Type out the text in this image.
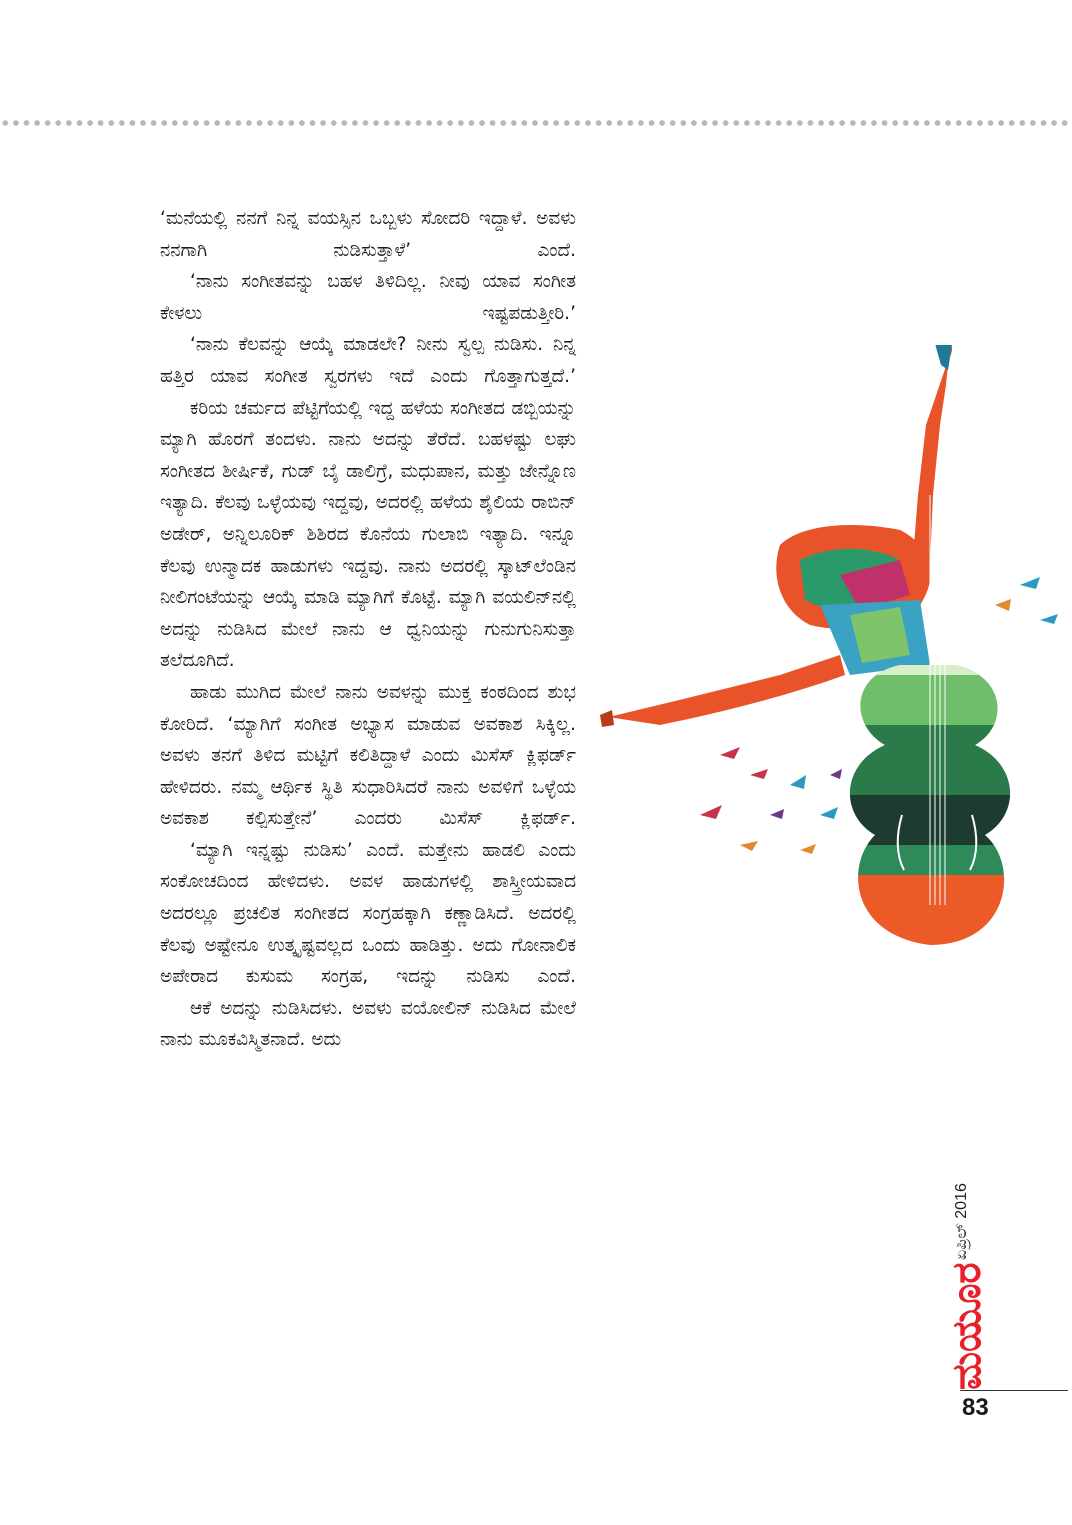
‘ಮನೆಯಲ್ಲಿ ನನಗೆ ನಿನ್ನ ವಯಸ್ಸಿನ ಒಬ್ಬಳು ಸೋದರಿ ಇದ್ದಾಳೆ. ಅವಳು ನನಗಾಗಿ ನುಡಿಸುತ್ತಾಳೆ’ ಎಂದೆ.

‘ನಾನು ಸಂಗೀತವನ್ನು ಬಹಳ ತಿಳಿದಿಲ್ಲ. ನೀವು ಯಾವ ಸಂಗೀತ ಕೇಳಲು ಇಷ್ಟಪಡುತ್ತೀರಿ.’

‘ನಾನು ಕೆಲವನ್ನು ಆಯ್ಕೆ ಮಾಡಲೇ? ನೀನು ಸ್ವಲ್ಪ ನುಡಿಸು. ನಿನ್ನ ಹತ್ತಿರ ಯಾವ ಸಂಗೀತ ಸ್ವರಗಳು ಇದೆ ಎಂದು ಗೊತ್ತಾಗುತ್ತದೆ.’

ಕರಿಯ ಚರ್ಮದ ಪೆಟ್ಟಿಗೆಯಲ್ಲಿ ಇದ್ದ ಹಳೆಯ ಸಂಗೀತದ ಡಬ್ಬಿಯನ್ನು ಮ್ಯಾಗಿ ಹೊರಗೆ ತಂದಳು. ನಾನು ಅದನ್ನು ತೆರೆದೆ. ಬಹಳಷ್ಟು ಲಘು ಸಂಗೀತದ ಶೀರ್ಷಿಕೆ, ಗುಡ್ ಬೈ ಡಾಲಿಗ್ರೆ, ಮಧುಪಾನ, ಮತ್ತು ಜೇನ್ನೊಣ ಇತ್ಯಾದಿ. ಕೆಲವು ಒಳ್ಳೆಯವು ಇದ್ದವು, ಅದರಲ್ಲಿ ಹಳೆಯ ಶೈಲಿಯ ರಾಬಿನ್ ಅಡೇರ್, ಅನ್ನಿಲೂರಿಕ್ ಶಿಶಿರದ ಕೊನೆಯ ಗುಲಾಬಿ ಇತ್ಯಾದಿ. ಇನ್ನೂ ಕೆಲವು ಉನ್ಮಾದಕ ಹಾಡುಗಳು ಇದ್ದವು. ನಾನು ಅದರಲ್ಲಿ ಸ್ಕಾಟ್‌ಲೆಂಡಿನ ನೀಲಿಗಂಟೆಯನ್ನು ಆಯ್ಕೆ ಮಾಡಿ ಮ್ಯಾಗಿಗೆ ಕೊಟ್ಟೆ. ಮ್ಯಾಗಿ ವಯಲಿನ್‌ನಲ್ಲಿ ಅದನ್ನು ನುಡಿಸಿದ ಮೇಲೆ ನಾನು ಆ ಧ್ವನಿಯನ್ನು ಗುನುಗುನಿಸುತ್ತಾ ತಲೆದೂಗಿದೆ.

ಹಾಡು ಮುಗಿದ ಮೇಲೆ ನಾನು ಅವಳನ್ನು ಮುಕ್ತ ಕಂಠದಿಂದ ಶುಭ ಕೋರಿದೆ. ‘ಮ್ಯಾಗಿಗೆ ಸಂಗೀತ ಅಭ್ಯಾಸ ಮಾಡುವ ಅವಕಾಶ ಸಿಕ್ಕಿಲ್ಲ. ಅವಳು ತನಗೆ ತಿಳಿದ ಮಟ್ಟಿಗೆ ಕಲಿತಿದ್ದಾಳೆ ಎಂದು ಮಿಸೆಸ್ ಕ್ಲಿಫರ್ಡ್ ಹೇಳಿದರು. ನಮ್ಮ ಆರ್ಥಿಕ ಸ್ಥಿತಿ ಸುಧಾರಿಸಿದರೆ ನಾನು ಅವಳಿಗೆ ಒಳ್ಳೆಯ ಅವಕಾಶ ಕಲ್ಪಿಸುತ್ತೇನೆ’ ಎಂದರು ಮಿಸೆಸ್ ಕ್ಲಿಫರ್ಡ್.

‘ಮ್ಯಾಗಿ ಇನ್ನಷ್ಟು ನುಡಿಸು’ ಎಂದೆ. ಮತ್ತೇನು ಹಾಡಲಿ ಎಂದು ಸಂಕೋಚದಿಂದ ಹೇಳಿದಳು. ಅವಳ ಹಾಡುಗಳಲ್ಲಿ ಶಾಸ್ತ್ರೀಯವಾದ ಅದರಲ್ಲೂ ಪ್ರಚಲಿತ ಸಂಗೀತದ ಸಂಗ್ರಹಕ್ಕಾಗಿ ಕಣ್ಣಾಡಿಸಿದೆ. ಅದರಲ್ಲಿ ಕೆಲವು ಅಷ್ಟೇನೂ ಉತ್ಕೃಷ್ಟವಲ್ಲದ ಒಂದು ಹಾಡಿತ್ತು. ಅದು ಗೋನಾಲಿಕ ಅಪೇರಾದ ಕುಸುಮ ಸಂಗ್ರಹ, ಇದನ್ನು ನುಡಿಸು ಎಂದೆ.

ಆಕೆ ಅದನ್ನು ನುಡಿಸಿದಳು. ಅವಳು ವಯೋಲಿನ್ ನುಡಿಸಿದ ಮೇಲೆ ನಾನು ಮೂಕವಿಸ್ಮಿತನಾದೆ. ಅದು

ಏಪ್ರಿಲ್ 2016
ಮಯೂರ
83
